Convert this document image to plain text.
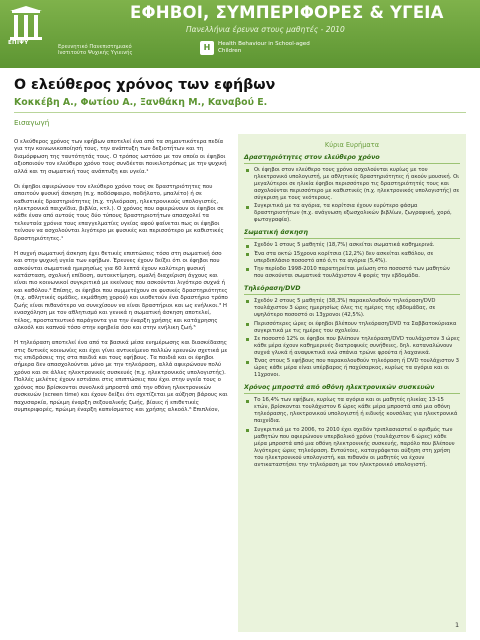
ΕΠΙΨΥ
Ερευνητικό Πανεπιστημιακό Ινστιτούτο Ψυχικής Υγιεινής
ΕΦΗΒΟΙ, ΣΥΜΠΕΡΙΦΟΡΕΣ & ΥΓΕΙΑ
Πανελλήνια έρευνα στους μαθητές - 2010
H	Health Behaviour in School-aged Children
Ο ελεύθερος χρόνος των εφήβων
Κοκκέβη Α., Φωτίου Α., Ξανθάκη Μ., Καναβού Ε.
Εισαγωγή

Ο ελεύθερος χρόνος των εφήβων αποτελεί ένα από τα σημαντικότερα πεδία για την κοινωνικοποίησή τους, την ανάπτυξη των δεξιοτήτων και τη διαμόρφωση της ταυτότητάς τους. Ο τρόπος ωστόσο με τον οποίο οι έφηβοι αξιοποιούν τον ελεύθερο χρόνο τους συνδέεται ποικιλοτρόπως με την ψυχική αλλά και τη σωματική τους ανάπτυξη και υγεία.¹

Οι έφηβοι αφιερώνουν τον ελεύθερο χρόνο τους σε δραστηριότητες που απαιτούν φυσική άσκηση (π.χ. ποδόσφαιρο, ποδήλατο, μπαλέτο) ή σε καθιστικές δραστηριότητες (π.χ. τηλεόραση, ηλεκτρονικούς υπολογιστές, ηλεκτρονικά παιχνίδια, βιβλία, κτλ.). Ο χρόνος που αφιερώνουν οι έφηβοι σε κάθε έναν από αυτούς τους δύο τύπους δραστηριοτήτων απασχολεί τα τελευταία χρόνια τους επαγγελματίες υγείας αφού φαίνεται πως οι έφηβοι τείνουν να ασχολούνται λιγότερο με φυσικές και περισσότερο με καθιστικές δραστηριότητες.¹

Η συχνή σωματική άσκηση έχει θετικές επιπτώσεις τόσο στη σωματική όσο και στην ψυχική υγεία των εφήβων. Έρευνες έχουν δείξει ότι οι έφηβοι που ασκούνται σωματικά ημερησίως για 60 λεπτά έχουν καλύτερη φυσική κατάσταση, σχολική επίδοση, αυτοεκτίμηση, ομαλή διαχείριση άγχους και είναι πιο κοινωνικοί συγκριτικά με εκείνους που ασκούνται λιγότερο συχνά ή και καθόλου.² Επίσης, οι έφηβοι που συμμετέχουν σε φυσικές δραστηριότητες (π.χ. αθλητικές ομάδες, εκμάθηση χορού) και υιοθετούν ένα δραστήριο τρόπο ζωής είναι πιθανότερο να συνεχίσουν να είναι δραστήριοι και ως ενήλικοι.³ Η ενασχόληση με τον αθλητισμό και γενικά η σωματική άσκηση αποτελεί, τέλος, προστατευτικό παράγοντα για την έναρξη χρήσης και κατάχρησης αλκοόλ και καπνού τόσο στην εφηβεία όσο και στην ενήλικη ζωή.⁵

Η τηλεόραση αποτελεί ένα από τα βασικά μέσα ενημέρωσης και διασκέδασης στις δυτικές κοινωνίες και έχει γίνει αντικείμενο πολλών ερευνών σχετικά με τις επιδράσεις της στα παιδιά και τους εφήβους. Τα παιδιά και οι έφηβοι σήμερα δεν απασχολούνται μόνο με την τηλεόραση, αλλά αφιερώνουν πολύ χρόνο και σε άλλες ηλεκτρονικές συσκευές (π.χ. ηλεκτρονικός υπολογιστής). Πολλές μελέτες έχουν εστιάσει στις επιπτώσεις που έχει στην υγεία τους ο χρόνος που βρίσκονται συνολικά μπροστά από την οθόνη ηλεκτρονικών συσκευών (screen time) και έχουν δείξει ότι σχετίζεται με αύξηση βάρους και παχυσαρκία, πρώιμη έναρξη σεξουαλικής ζωής, βίαιες ή επιθετικές συμπεριφορές, πρώιμη έναρξη καπνίσματος και χρήσης αλκοόλ.⁶ Επιπλέον,

Κύρια Ευρήματα
Δραστηριότητες στον ελεύθερο χρόνο
Οι έφηβοι στον ελεύθερο τους χρόνο ασχολούνται κυρίως με τον ηλεκτρονικό υπολογιστή, με αθλητικές δραστηριότητες ή ακούν μουσική. Οι μεγαλύτεροι σε ηλικία έφηβοι περισσότερο τις δραστηριότητές τους και ασχολούνται περισσότερο με καθιστικές (π.χ. ηλεκτρονικός υπολογιστής) σε σύγκριση με τους νεότερους.
Συγκριτικά με τα αγόρια, τα κορίτσια έχουν ευρύτερο φάσμα δραστηριοτήτων (π.χ. ανάγνωση εξωσχολικών βιβλίων, ζωγραφική, χορό, φωτογραφία).
Σωματική άσκηση
Σχεδόν 1 στους 5 μαθητές (18,7%) ασκείται σωματικά καθημερινά.
Ένα στα οκτώ 15χρονα κορίτσια (12,2%) δεν ασκείται καθόλου, σε υπερδιπλάσιο ποσοστό από ό,τι τα αγόρια (5,4%).
Την περίοδο 1998-2010 παρατηρείται μείωση στο ποσοστό των μαθητών που ασκούνται σωματικά τουλάχιστον 4 φορές την εβδομάδα.
Τηλεόραση/DVD
Σχεδόν 2 στους 5 μαθητές (38,3%) παρακολουθούν τηλεόραση/DVD τουλάχιστον 3 ώρες ημερησίως όλες τις ημέρες της εβδομάδας, σε υψηλότερο ποσοστό οι 13χρονοι (42,5%).
Περισσότερες ώρες οι έφηβοι βλέπουν τηλεόραση/DVD τα Σαββατοκύριακα συγκριτικά με τις ημέρες του σχολείου.
Σε ποσοστό 12% οι έφηβοι που βλέπουν τηλεόραση/DVD τουλάχιστον 3 ώρες κάθε μέρα έχουν καθημερινές διατροφικές συνήθειες, δηλ. καταναλώνουν συχνά γλυκά ή αναψυκτικά ενώ σπάνια τρώνε φρούτα ή λαχανικά.
Ένας στους 5 εφήβους που παρακολουθούν τηλεόραση ή DVD τουλάχιστον 3 ώρες κάθε μέρα είναι υπέρβαρος ή παχύσαρκος, κυρίως τα αγόρια και οι 11χρονοι.
Χρόνος μπροστά από οθόνη ηλεκτρονικών συσκευών
Το 16,4% των εφήβων, κυρίως τα αγόρια και οι μαθητές ηλικίας 13-15 ετών, βρίσκονται τουλάχιστον 6 ώρες κάθε μέρα μπροστά από μια οθόνη τηλεόρασης, ηλεκτρονικού υπολογιστή ή ειδικής κονσόλας για ηλεκτρονικά παιχνίδια.
Συγκριτικά με το 2006, το 2010 έχει σχεδόν τριπλασιαστεί ο αριθμός των μαθητών που αφιερώνουν υπερβολικό χρόνο (τουλάχιστον 6 ώρες) κάθε μέρα μπροστά από μια οθόνη ηλεκτρονικής συσκευής, παρόλο που βλέπουν λιγότερες ώρες τηλεόραση. Εντούτοις, καταγράφεται αύξηση στη χρήση του ηλεκτρονικού υπολογιστή, και πιθανόν οι μαθητές να έχουν αντικαταστήσει την τηλεόραση με τον ηλεκτρονικό υπολογιστή.
1
